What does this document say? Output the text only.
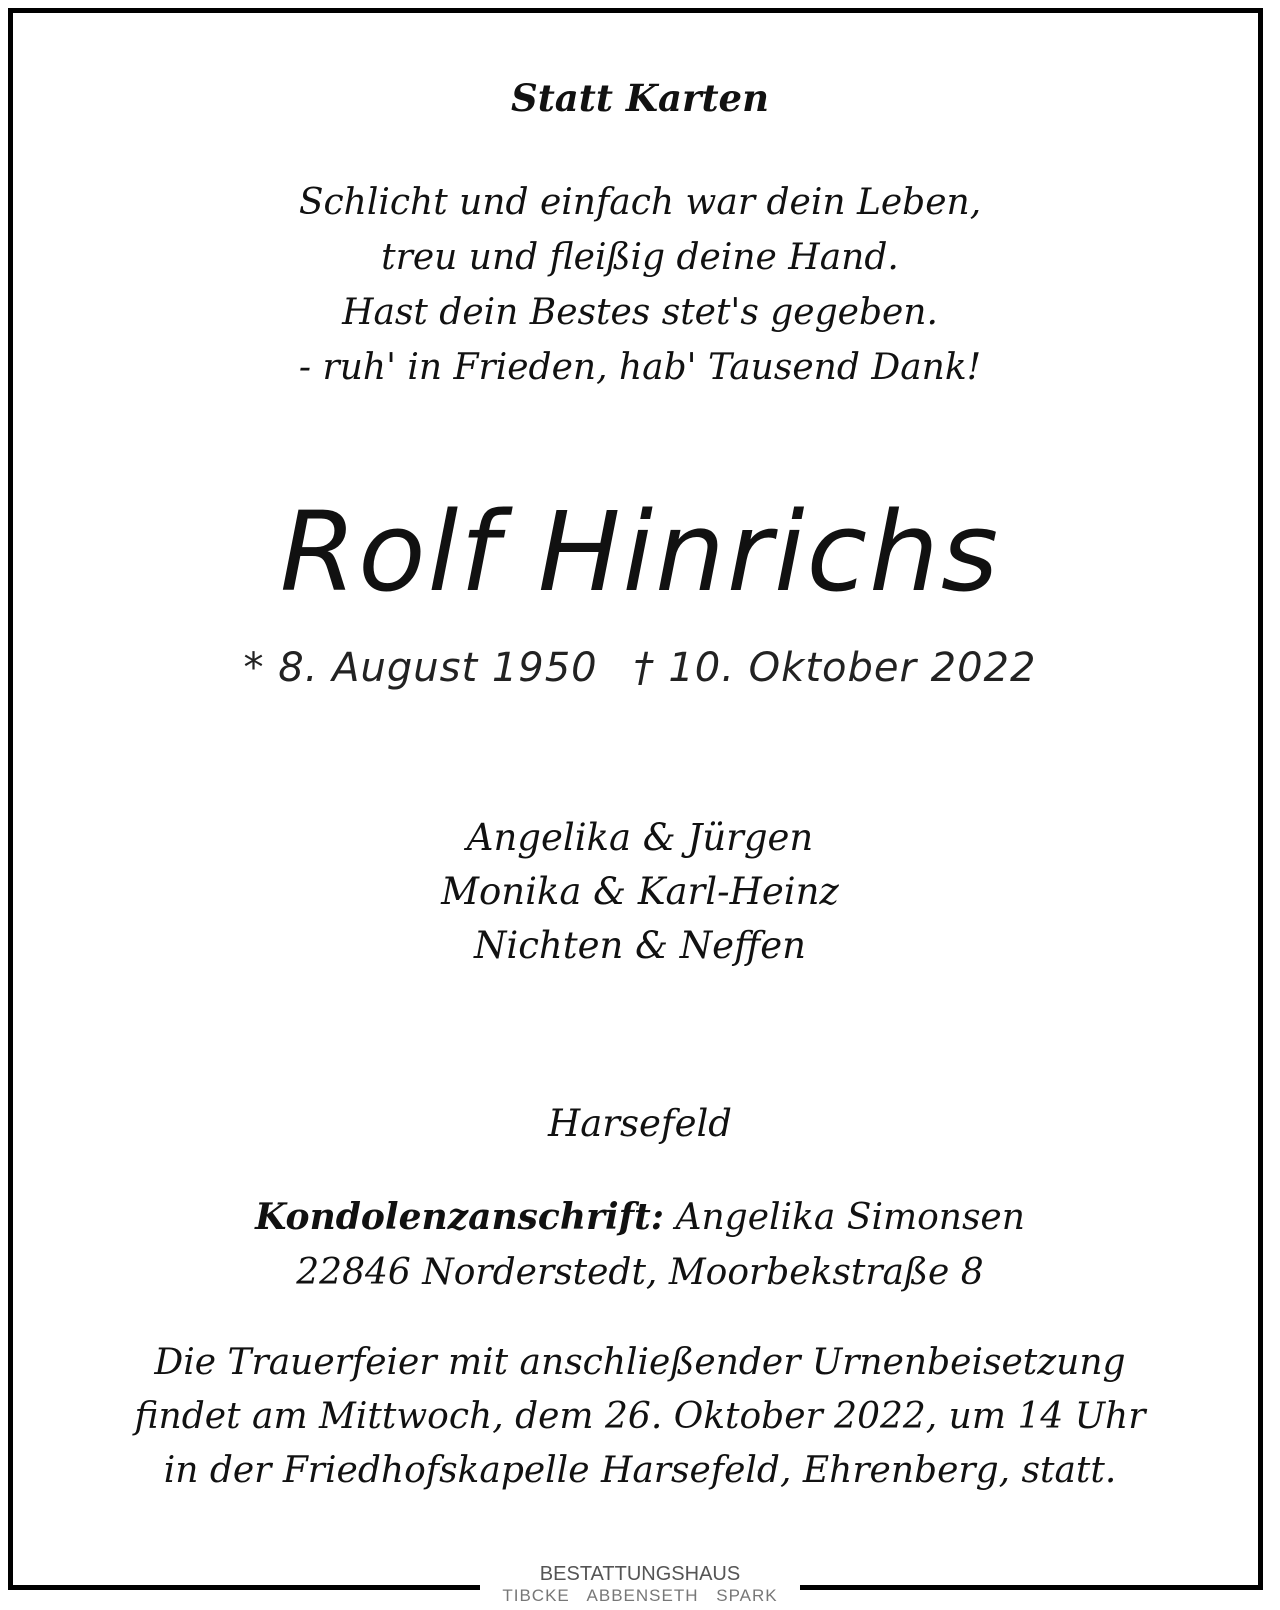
Statt Karten
Schlicht und einfach war dein Leben,
treu und fleißig deine Hand.
Hast dein Bestes stet's gegeben.
- ruh' in Frieden, hab' Tausend Dank!
Rolf Hinrichs
* 8. August 1950 † 10. Oktober 2022
Angelika & Jürgen
Monika & Karl-Heinz
Nichten & Neffen
Harsefeld
Kondolenzanschrift: Angelika Simonsen
22846 Norderstedt, Moorbekstraße 8
Die Trauerfeier mit anschließender Urnenbeisetzung
findet am Mittwoch, dem 26. Oktober 2022, um 14 Uhr
in der Friedhofskapelle Harsefeld, Ehrenberg, statt.
BESTATTUNGSHAUS
TIBCKE ABBENSETH SPARK
